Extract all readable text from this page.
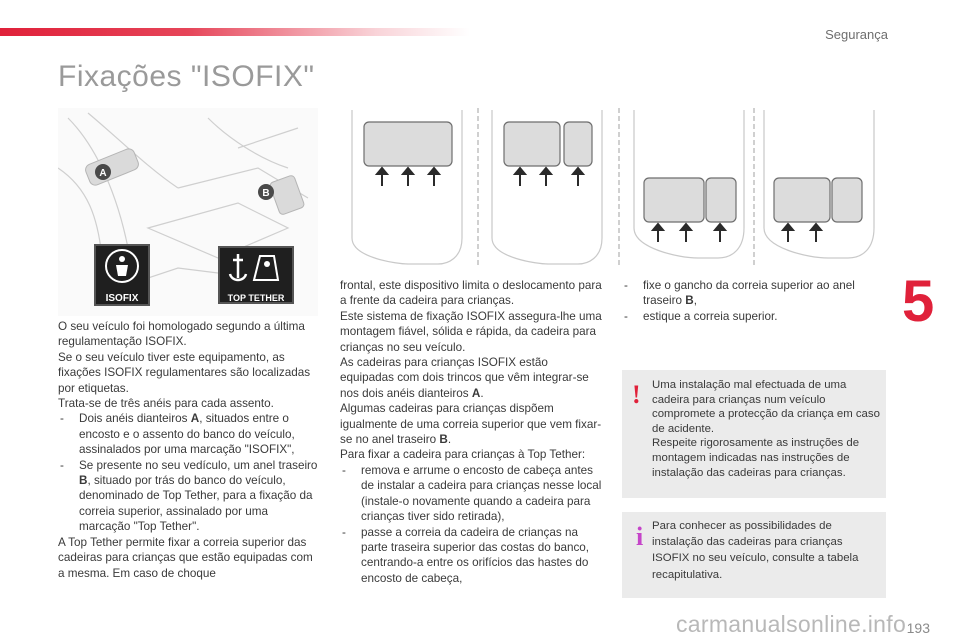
Segurança
5
Fixações "ISOFIX"
A
B
ISOFIX	TOP TETHER

O seu veículo foi homologado segundo a última regulamentação ISOFIX.

Se o seu veículo tiver este equipamento, as fixações ISOFIX regulamentares são localizadas por etiquetas.

Trata-se de três anéis para cada assento.

- Dois anéis dianteiros A, situados entre o encosto e o assento do banco do veículo, assinalados por uma marcação "ISOFIX",

- Se presente no seu vedículo, um anel traseiro B, situado por trás do banco do veículo, denominado de Top Tether, para a fixação da correia superior, assinalado por uma marcação "Top Tether".

A Top Tether permite fixar a correia superior das cadeiras para crianças que estão equipadas com a mesma. Em caso de choque

frontal, este dispositivo limita o deslocamento para a frente da cadeira para crianças.

Este sistema de fixação ISOFIX assegura-lhe uma montagem fiável, sólida e rápida, da cadeira para crianças no seu veículo.

As cadeiras para crianças ISOFIX estão equipadas com dois trincos que vêm integrar-se nos dois anéis dianteiros A.

Algumas cadeiras para crianças dispõem igualmente de uma correia superior que vem fixar-se no anel traseiro B.

Para fixar a cadeira para crianças à Top Tether:

- remova e arrume o encosto de cabeça antes de instalar a cadeira para crianças nesse local (instale-o novamente quando a cadeira para crianças tiver sido retirada),

- passe a correia da cadeira de crianças na parte traseira superior das costas do banco, centrando-a entre os orifícios das hastes do encosto de cabeça,

- fixe o gancho da correia superior ao anel traseiro B,

- estique a correia superior.

! Uma instalação mal efectuada de uma cadeira para crianças num veículo compromete a protecção da criança em caso de acidente.

Respeite rigorosamente as instruções de montagem indicadas nas instruções de instalação das cadeiras para crianças.

i Para conhecer as possibilidades de instalação das cadeiras para crianças ISOFIX no seu veículo, consulte a tabela recapitulativa.

carmanualsonline.info 193
